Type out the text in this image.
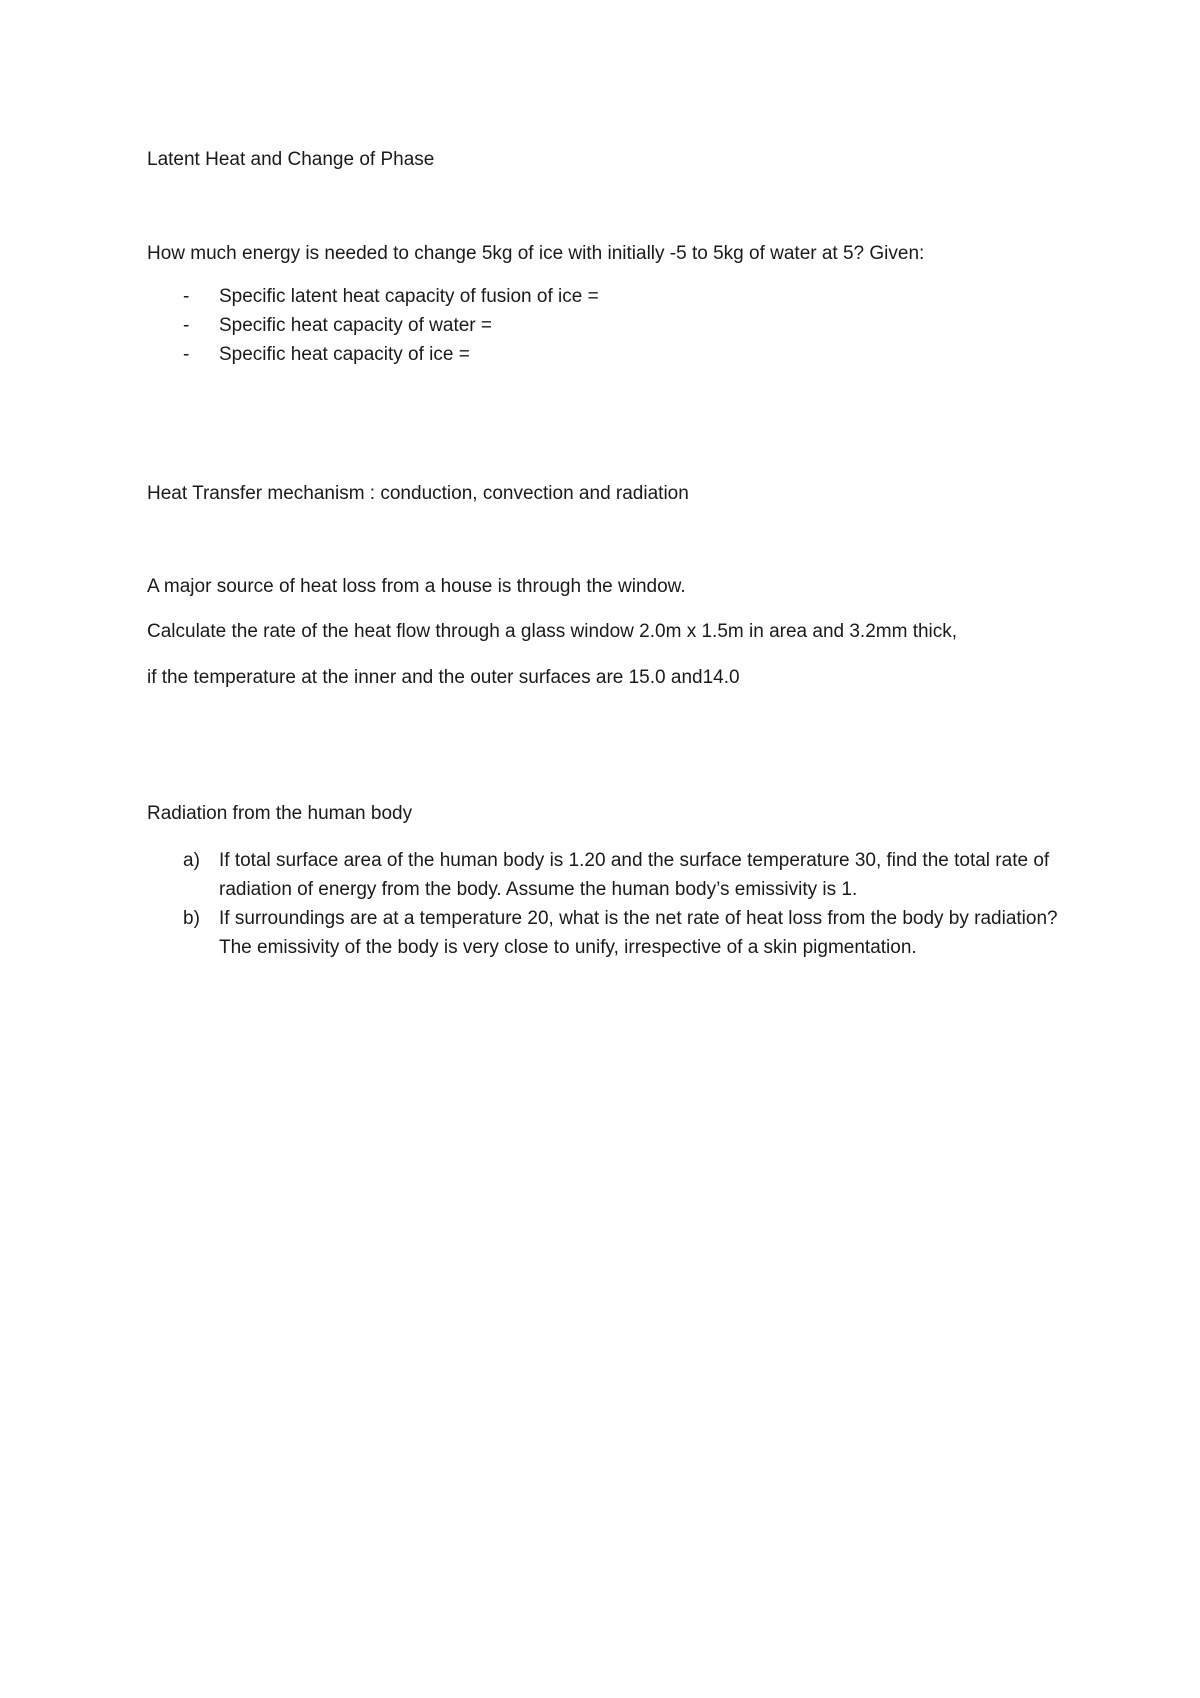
Latent Heat and Change of Phase
How much energy is needed to change 5kg of ice with initially -5 to 5kg of water at 5? Given:
- Specific latent heat capacity of fusion of ice =
- Specific heat capacity of water =
- Specific heat capacity of ice =
Heat Transfer mechanism : conduction, convection and radiation
A major source of heat loss from a house is through the window.
Calculate the rate of the heat flow through a glass window 2.0m x 1.5m in area and 3.2mm thick,
if the temperature at the inner and the outer surfaces are 15.0 and14.0
Radiation from the human body
a) If total surface area of the human body is 1.20 and the surface temperature 30, find the total rate of radiation of energy from the body. Assume the human body’s emissivity is 1.
b) If surroundings are at a temperature 20, what is the net rate of heat loss from the body by radiation? The emissivity of the body is very close to unify, irrespective of a skin pigmentation.
